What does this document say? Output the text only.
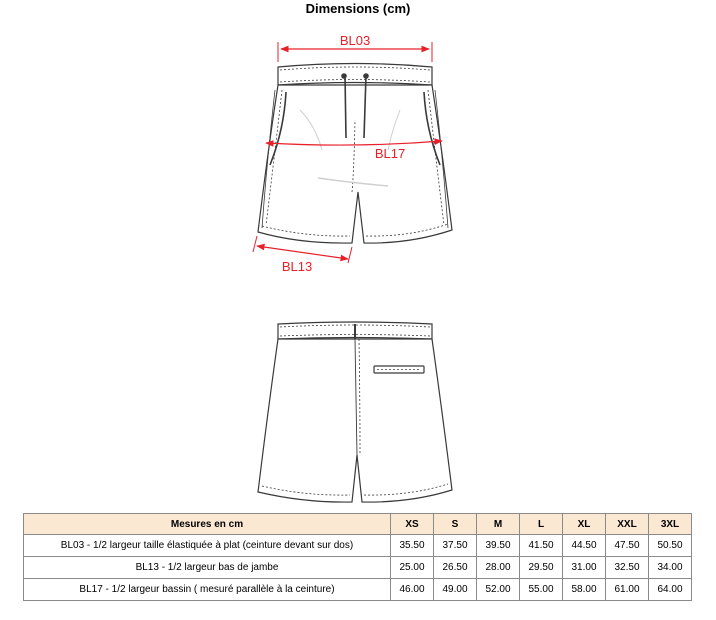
Dimensions (cm)
BL03
BL17
BL13
Mesures en cm	XS	S	M	L	XL	XXL	3XL
BL03 - 1/2 largeur taille élastiquée à plat (ceinture devant sur dos)	35.50	37.50	39.50	41.50	44.50	47.50	50.50
BL13 - 1/2 largeur bas de jambe	25.00	26.50	28.00	29.50	31.00	32.50	34.00
BL17 - 1/2 largeur bassin ( mesuré parallèle à la ceinture)	46.00	49.00	52.00	55.00	58.00	61.00	64.00
